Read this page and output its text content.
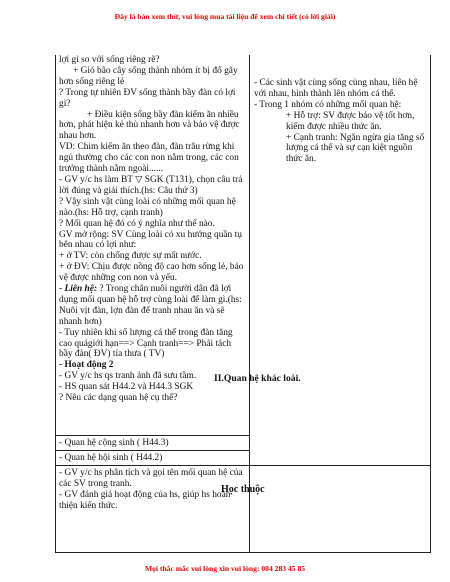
Đây là bản xem thử, vui lòng mua tài liệu để xem chi tiết (có lời giải)

lợi gì so với sống riêng rẽ?

+ Gió bão cây sống thành nhóm ít bị đổ gãy hơn sống riêng lẻ

? Trong tự nhiên ĐV sống thành bầy đàn có lợi gì?

+ Điều kiện sống bầy đàn kiếm ăn nhiều hơn, phát hiện kẻ thù nhanh hơn và bảo vệ được nhau hơn.

VD: Chim kiếm ăn theo đàn, đàn trâu rừng khi ngủ thường cho các con non nằm trong, các con trưởng thành nằm ngoài......

- GV y/c hs làm BT ▽ SGK (T131), chọn câu trả lời đúng và giải thích.(hs: Câu thứ 3)

? Vậy sinh vật cùng loài có những mối quan hệ nào.(hs: Hỗ trợ, cạnh tranh)

? Mối quan hệ đó có ý nghĩa như thế nào.

GV mở rộng: SV Cùng loài có xu hướng quần tụ bên nhau có lợi như:

+ ở TV: còn chống được sự mất nước.

+ ở ĐV: Chịu được nồng độ cao hơn sống lẻ, bảo vệ được những con non và yếu.

- Liên hệ: ? Trong chăn nuôi người dân đã lợi dụng mối quan hệ hỗ trợ cùng loài để làm gì.(hs: Nuôi vịt đàn, lợn đàn để tranh nhau ăn và sẽ nhanh hơn)

- Tuy nhiên khi số lượng cá thể trong đàn tăng cao quágiới hạn==> Cạnh tranh==> Phải tách bầy đàn( ĐV) tỉa thưa ( TV)

- Hoạt động 2

- GV y/c hs qs tranh ảnh đã sưu tầm.

- HS quan sát H44.2 và H44.3 SGK

? Nêu các dạng quan hệ cụ thể?

- Quan hệ cộng sinh ( H44.3)
- Quan hệ hội sinh ( H44.2)

- GV y/c hs phân tích và gọi tên mối quan hệ của các SV trong tranh.

- GV đánh giá hoạt động của hs, giúp hs hoàn thiện kiến thức.

- Các sinh vật cùng sống cùng nhau, liên hệ với nhau, hình thành lên nhóm cá thể.

- Trong 1 nhóm có những mối quan hệ:

+ Hỗ trợ: SV được bảo vệ tốt hơn, kiếm được nhiều thức ăn.

+ Cạnh tranh: Ngăn ngừa gia tăng số lượng cá thể và sự cạn kiệt nguồn thức ăn.

II.Quan hệ khác loài.
Học thuộc
Mọi thắc mắc vui lòng xin vui lòng: 084 283 45 85
